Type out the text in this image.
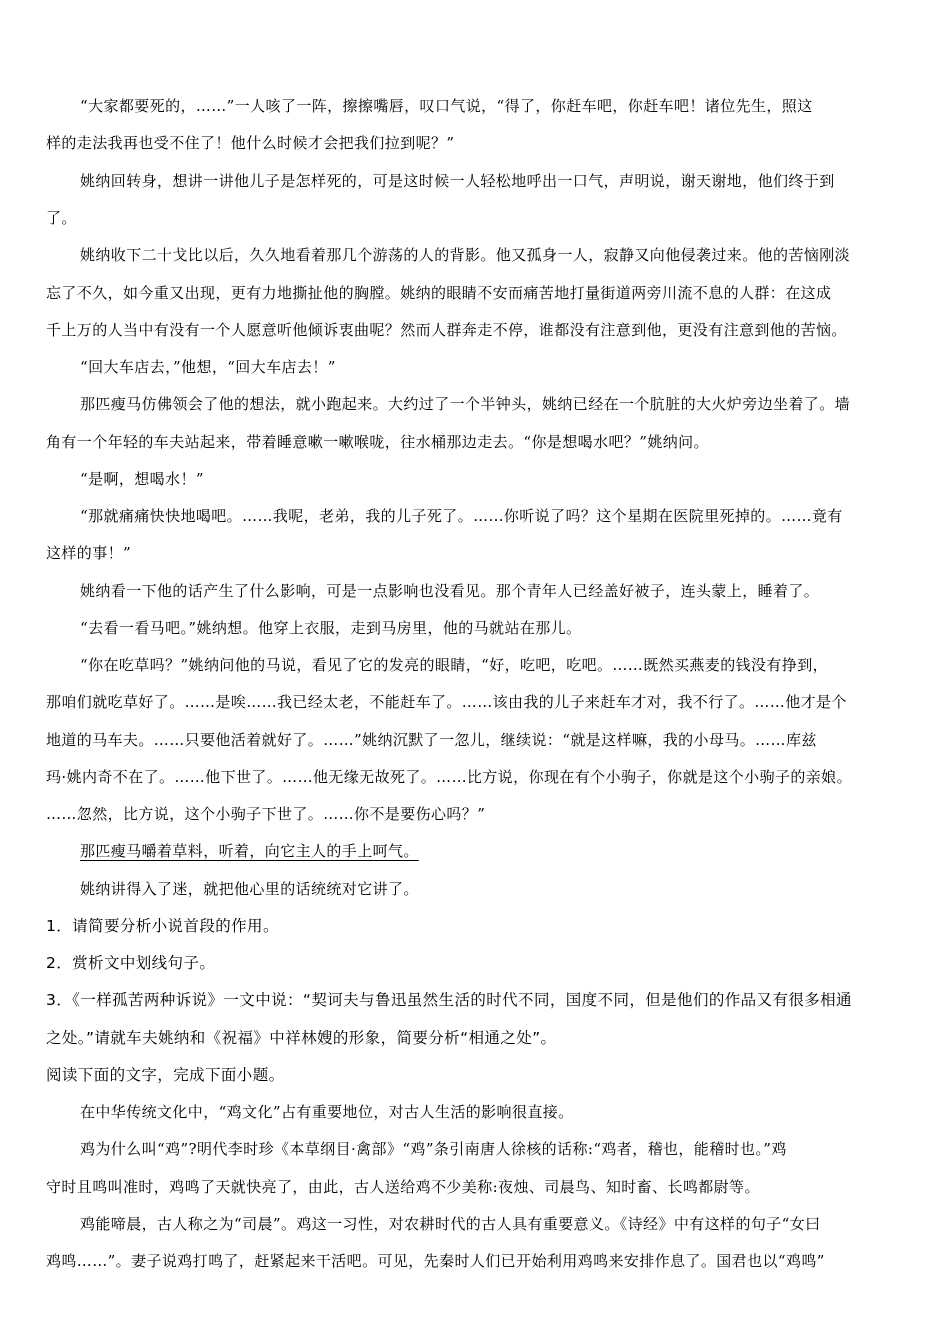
“大家都要死的，……”一人咳了一阵，擦擦嘴唇，叹口气说，“得了，你赶车吧，你赶车吧！诸位先生，照这
样的走法我再也受不住了！他什么时候才会把我们拉到呢？”
姚纳回转身，想讲一讲他儿子是怎样死的，可是这时候一人轻松地呼出一口气，声明说，谢天谢地，他们终于到
了。
姚纳收下二十戈比以后，久久地看着那几个游荡的人的背影。他又孤身一人，寂静又向他侵袭过来。他的苦恼刚淡
忘了不久，如今重又出现，更有力地撕扯他的胸膛。姚纳的眼睛不安而痛苦地打量街道两旁川流不息的人群：在这成
千上万的人当中有没有一个人愿意听他倾诉衷曲呢？然而人群奔走不停，谁都没有注意到他，更没有注意到他的苦恼。
“回大车店去，”他想，“回大车店去！”
那匹瘦马仿佛领会了他的想法，就小跑起来。大约过了一个半钟头，姚纳已经在一个肮脏的大火炉旁边坐着了。墙
角有一个年轻的车夫站起来，带着睡意嗽一嗽喉咙，往水桶那边走去。“你是想喝水吧？”姚纳问。
“是啊，想喝水！”
“那就痛痛快快地喝吧。……我呢，老弟，我的儿子死了。……你听说了吗？这个星期在医院里死掉的。……竟有
这样的事！”
姚纳看一下他的话产生了什么影响，可是一点影响也没看见。那个青年人已经盖好被子，连头蒙上，睡着了。
“去看一看马吧。”姚纳想。他穿上衣服，走到马房里，他的马就站在那儿。
“你在吃草吗？”姚纳问他的马说，看见了它的发亮的眼睛，“好，吃吧，吃吧。……既然买燕麦的钱没有挣到，
那咱们就吃草好了。……是唉……我已经太老，不能赶车了。……该由我的儿子来赶车才对，我不行了。……他才是个
地道的马车夫。……只要他活着就好了。……”姚纳沉默了一忽儿，继续说：“就是这样嘛，我的小母马。……库兹
玛·姚内奇不在了。……他下世了。……他无缘无故死了。……比方说，你现在有个小驹子，你就是这个小驹子的亲娘。
……忽然，比方说，这个小驹子下世了。……你不是要伤心吗？”
那匹瘦马嚼着草料，听着，向它主人的手上呵气。
姚纳讲得入了迷，就把他心里的话统统对它讲了。
1．请简要分析小说首段的作用。
2．赏析文中划线句子。
3．《一样孤苦两种诉说》一文中说：“契诃夫与鲁迅虽然生活的时代不同，国度不同，但是他们的作品又有很多相通
之处。”请就车夫姚纳和《祝福》中祥林嫂的形象，简要分析“相通之处”。
阅读下面的文字，完成下面小题。
在中华传统文化中，“鸡文化”占有重要地位，对古人生活的影响很直接。
鸡为什么叫“鸡”?明代李时珍《本草纲目·禽部》“鸡”条引南唐人徐核的话称:“鸡者，稽也，能稽时也。”鸡
守时且鸣叫准时，鸡鸣了天就快亮了，由此，古人送给鸡不少美称:夜烛、司晨鸟、知时畜、长鸣都尉等。
鸡能啼晨，古人称之为“司晨”。鸡这一习性，对农耕时代的古人具有重要意义。《诗经》中有这样的句子“女曰
鸡鸣……”。妻子说鸡打鸣了，赶紧起来干活吧。可见，先秦时人们已开始利用鸡鸣来安排作息了。国君也以“鸡鸣”
